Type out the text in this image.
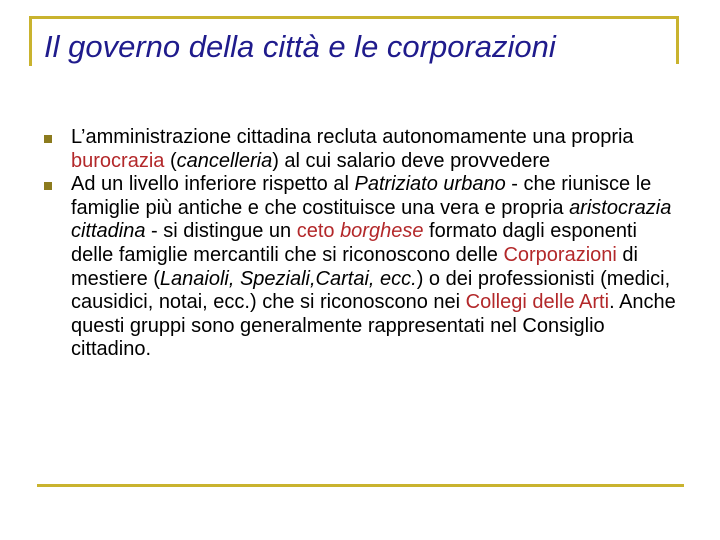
Il governo della città e le corporazioni
L’amministrazione cittadina recluta autonomamente una propria burocrazia (cancelleria) al cui salario deve provvedere
Ad un livello inferiore rispetto al Patriziato urbano - che riunisce le famiglie più antiche e che costituisce una vera e propria aristocrazia cittadina - si distingue un ceto borghese formato dagli esponenti delle famiglie mercantili che si riconoscono delle Corporazioni di mestiere (Lanaioli, Speziali,Cartai, ecc.) o dei professionisti (medici, causidici, notai, ecc.) che si riconoscono nei Collegi delle Arti. Anche questi gruppi sono generalmente rappresentati nel Consiglio cittadino.
